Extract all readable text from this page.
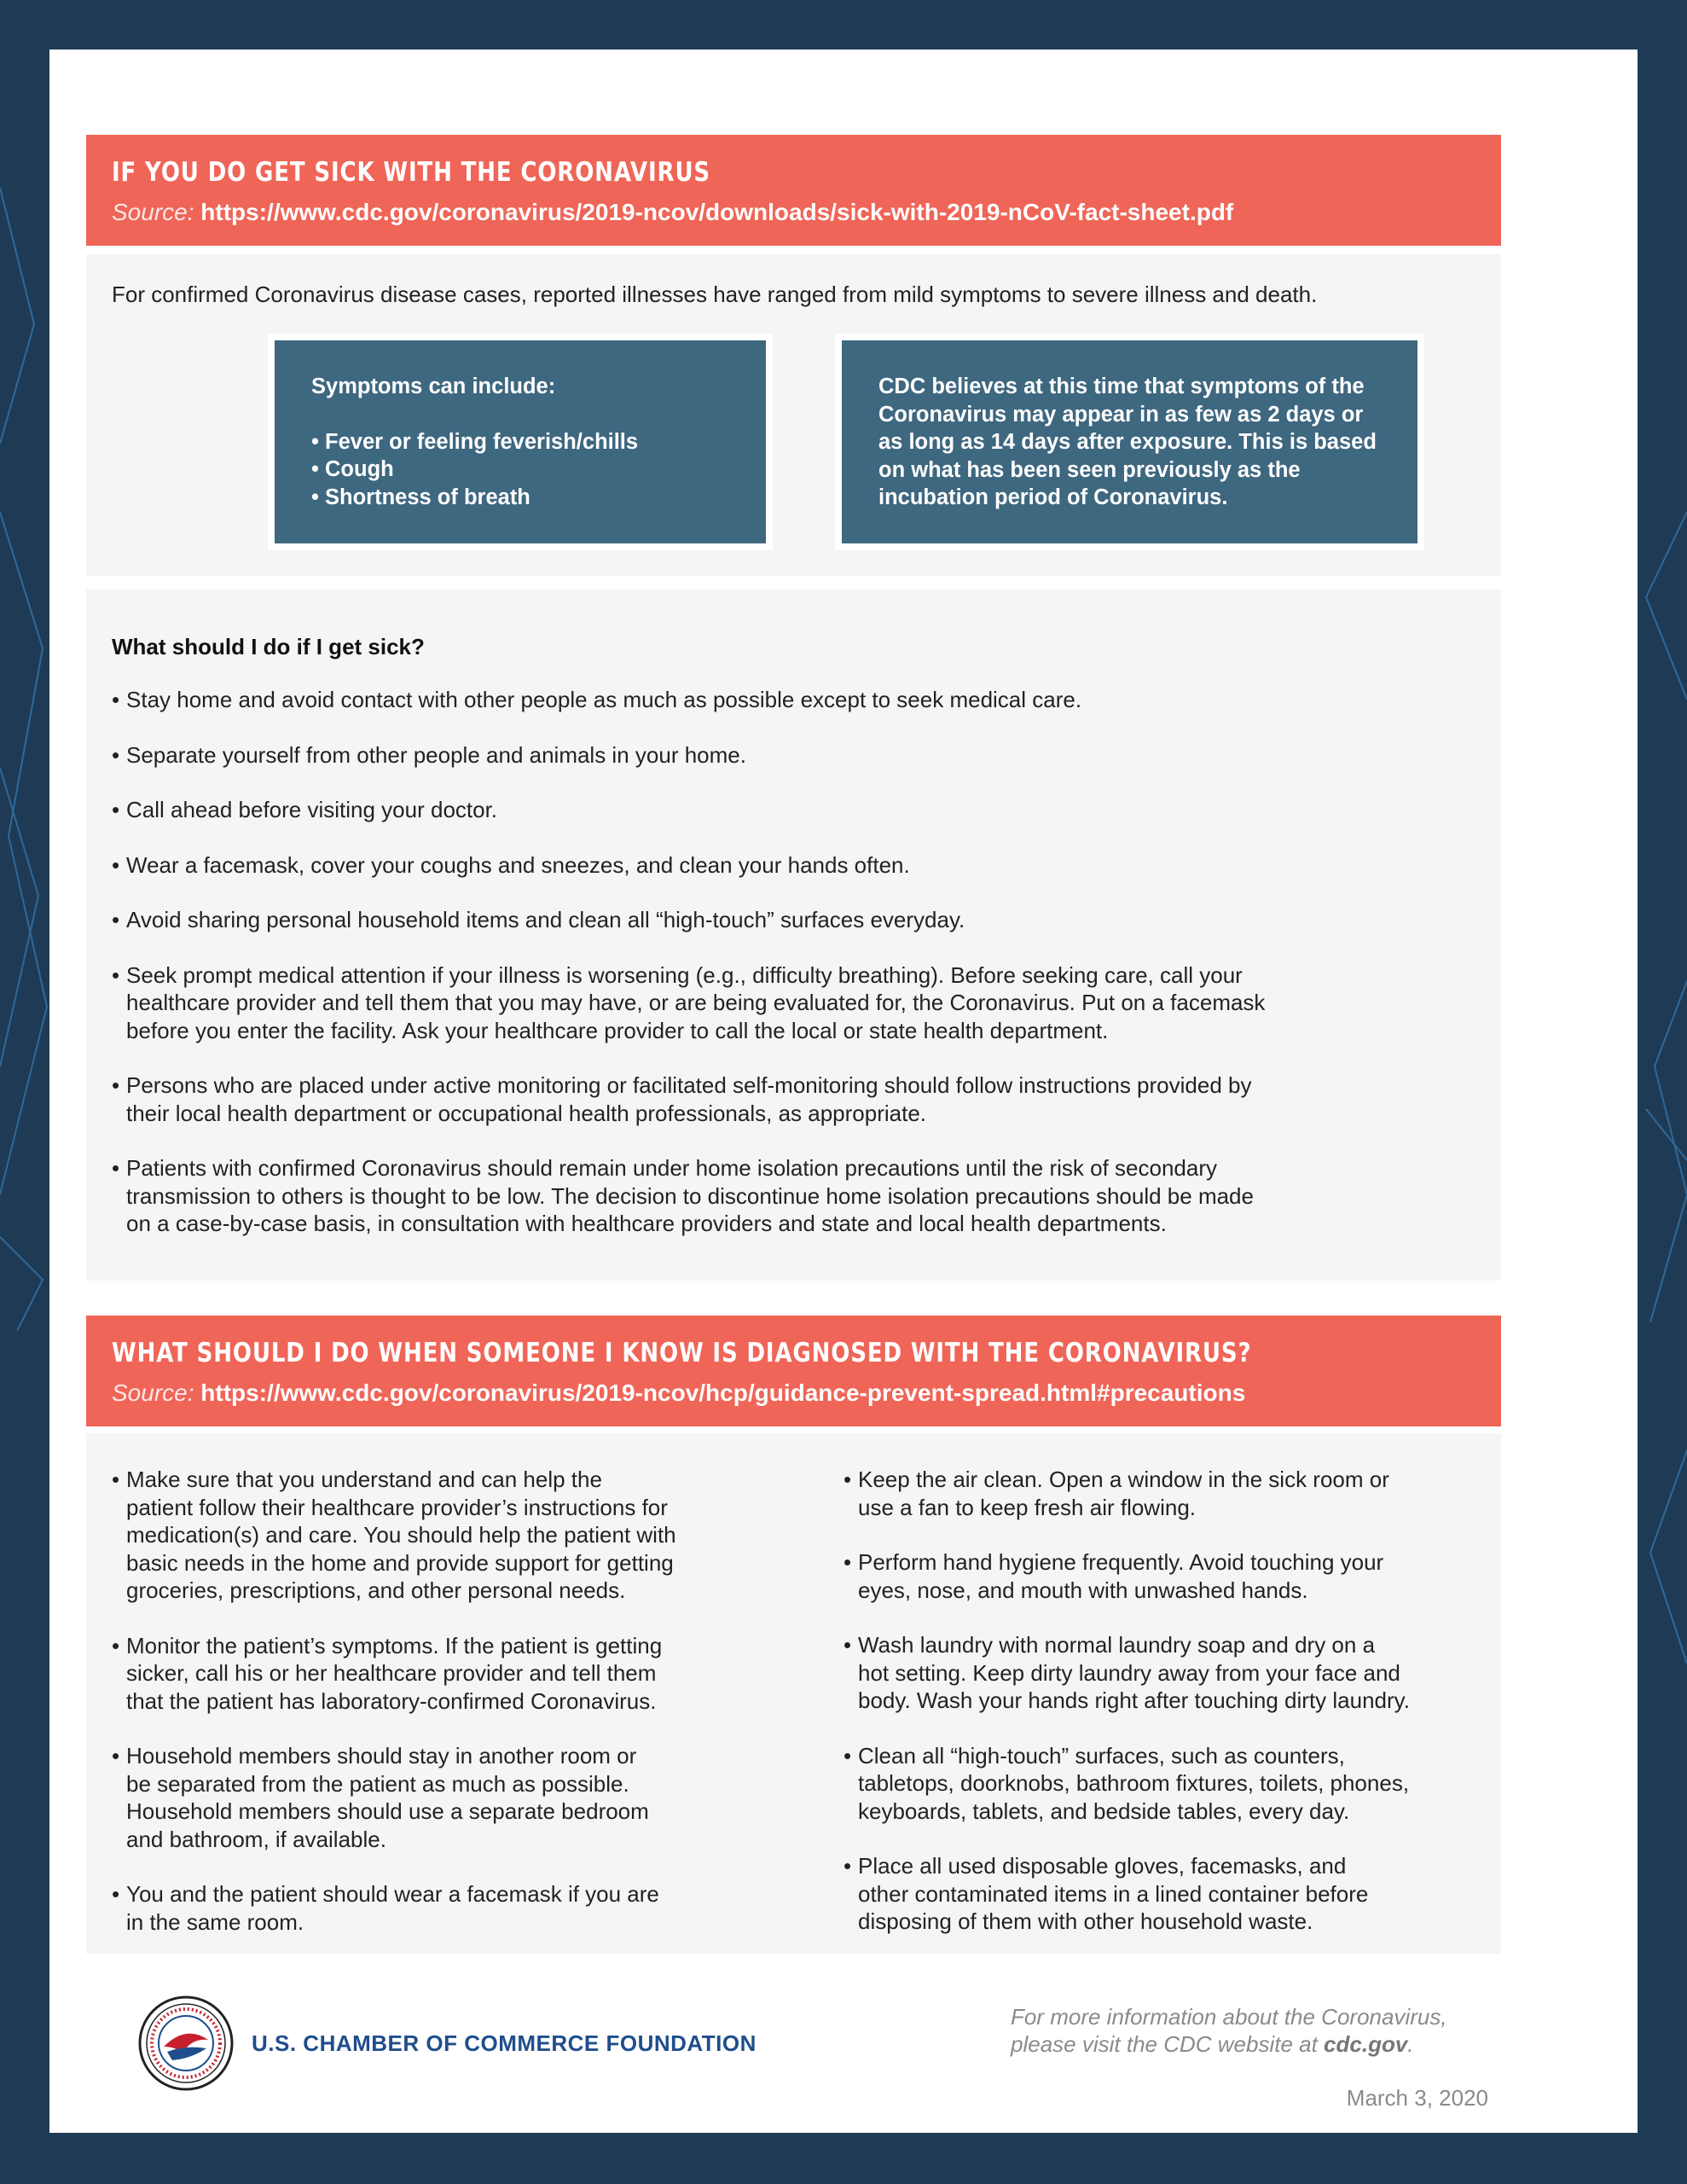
IF YOU DO GET SICK WITH THE CORONAVIRUS
Source: https://www.cdc.gov/coronavirus/2019-ncov/downloads/sick-with-2019-nCoV-fact-sheet.pdf
For confirmed Coronavirus disease cases, reported illnesses have ranged from mild symptoms to severe illness and death.
Symptoms can include:
• Fever or feeling feverish/chills
• Cough
• Shortness of breath
CDC believes at this time that symptoms of the Coronavirus may appear in as few as 2 days or as long as 14 days after exposure. This is based on what has been seen previously as the incubation period of Coronavirus.
What should I do if I get sick?
• Stay home and avoid contact with other people as much as possible except to seek medical care.
• Separate yourself from other people and animals in your home.
• Call ahead before visiting your doctor.
• Wear a facemask, cover your coughs and sneezes, and clean your hands often.
• Avoid sharing personal household items and clean all “high-touch” surfaces everyday.
• Seek prompt medical attention if your illness is worsening (e.g., difficulty breathing). Before seeking care, call your
healthcare provider and tell them that you may have, or are being evaluated for, the Coronavirus. Put on a facemask
before you enter the facility. Ask your healthcare provider to call the local or state health department.
• Persons who are placed under active monitoring or facilitated self-monitoring should follow instructions provided by
their local health department or occupational health professionals, as appropriate.
• Patients with confirmed Coronavirus should remain under home isolation precautions until the risk of secondary
transmission to others is thought to be low. The decision to discontinue home isolation precautions should be made
on a case-by-case basis, in consultation with healthcare providers and state and local health departments.
WHAT SHOULD I DO WHEN SOMEONE I KNOW IS DIAGNOSED WITH THE CORONAVIRUS?
Source: https://www.cdc.gov/coronavirus/2019-ncov/hcp/guidance-prevent-spread.html#precautions
• Make sure that you understand and can help the
patient follow their healthcare provider’s instructions for
medication(s) and care. You should help the patient with
basic needs in the home and provide support for getting
groceries, prescriptions, and other personal needs.
• Monitor the patient’s symptoms. If the patient is getting
sicker, call his or her healthcare provider and tell them
that the patient has laboratory-confirmed Coronavirus.
• Household members should stay in another room or
be separated from the patient as much as possible.
Household members should use a separate bedroom
and bathroom, if available.
• You and the patient should wear a facemask if you are
in the same room.
• Keep the air clean. Open a window in the sick room or
use a fan to keep fresh air flowing.
• Perform hand hygiene frequently. Avoid touching your
eyes, nose, and mouth with unwashed hands.
• Wash laundry with normal laundry soap and dry on a
hot setting. Keep dirty laundry away from your face and
body. Wash your hands right after touching dirty laundry.
• Clean all “high-touch” surfaces, such as counters,
tabletops, doorknobs, bathroom fixtures, toilets, phones,
keyboards, tablets, and bedside tables, every day.
• Place all used disposable gloves, facemasks, and
other contaminated items in a lined container before
disposing of them with other household waste.
U.S. CHAMBER OF COMMERCE FOUNDATION
For more information about the Coronavirus,
please visit the CDC website at cdc.gov.
March 3, 2020
